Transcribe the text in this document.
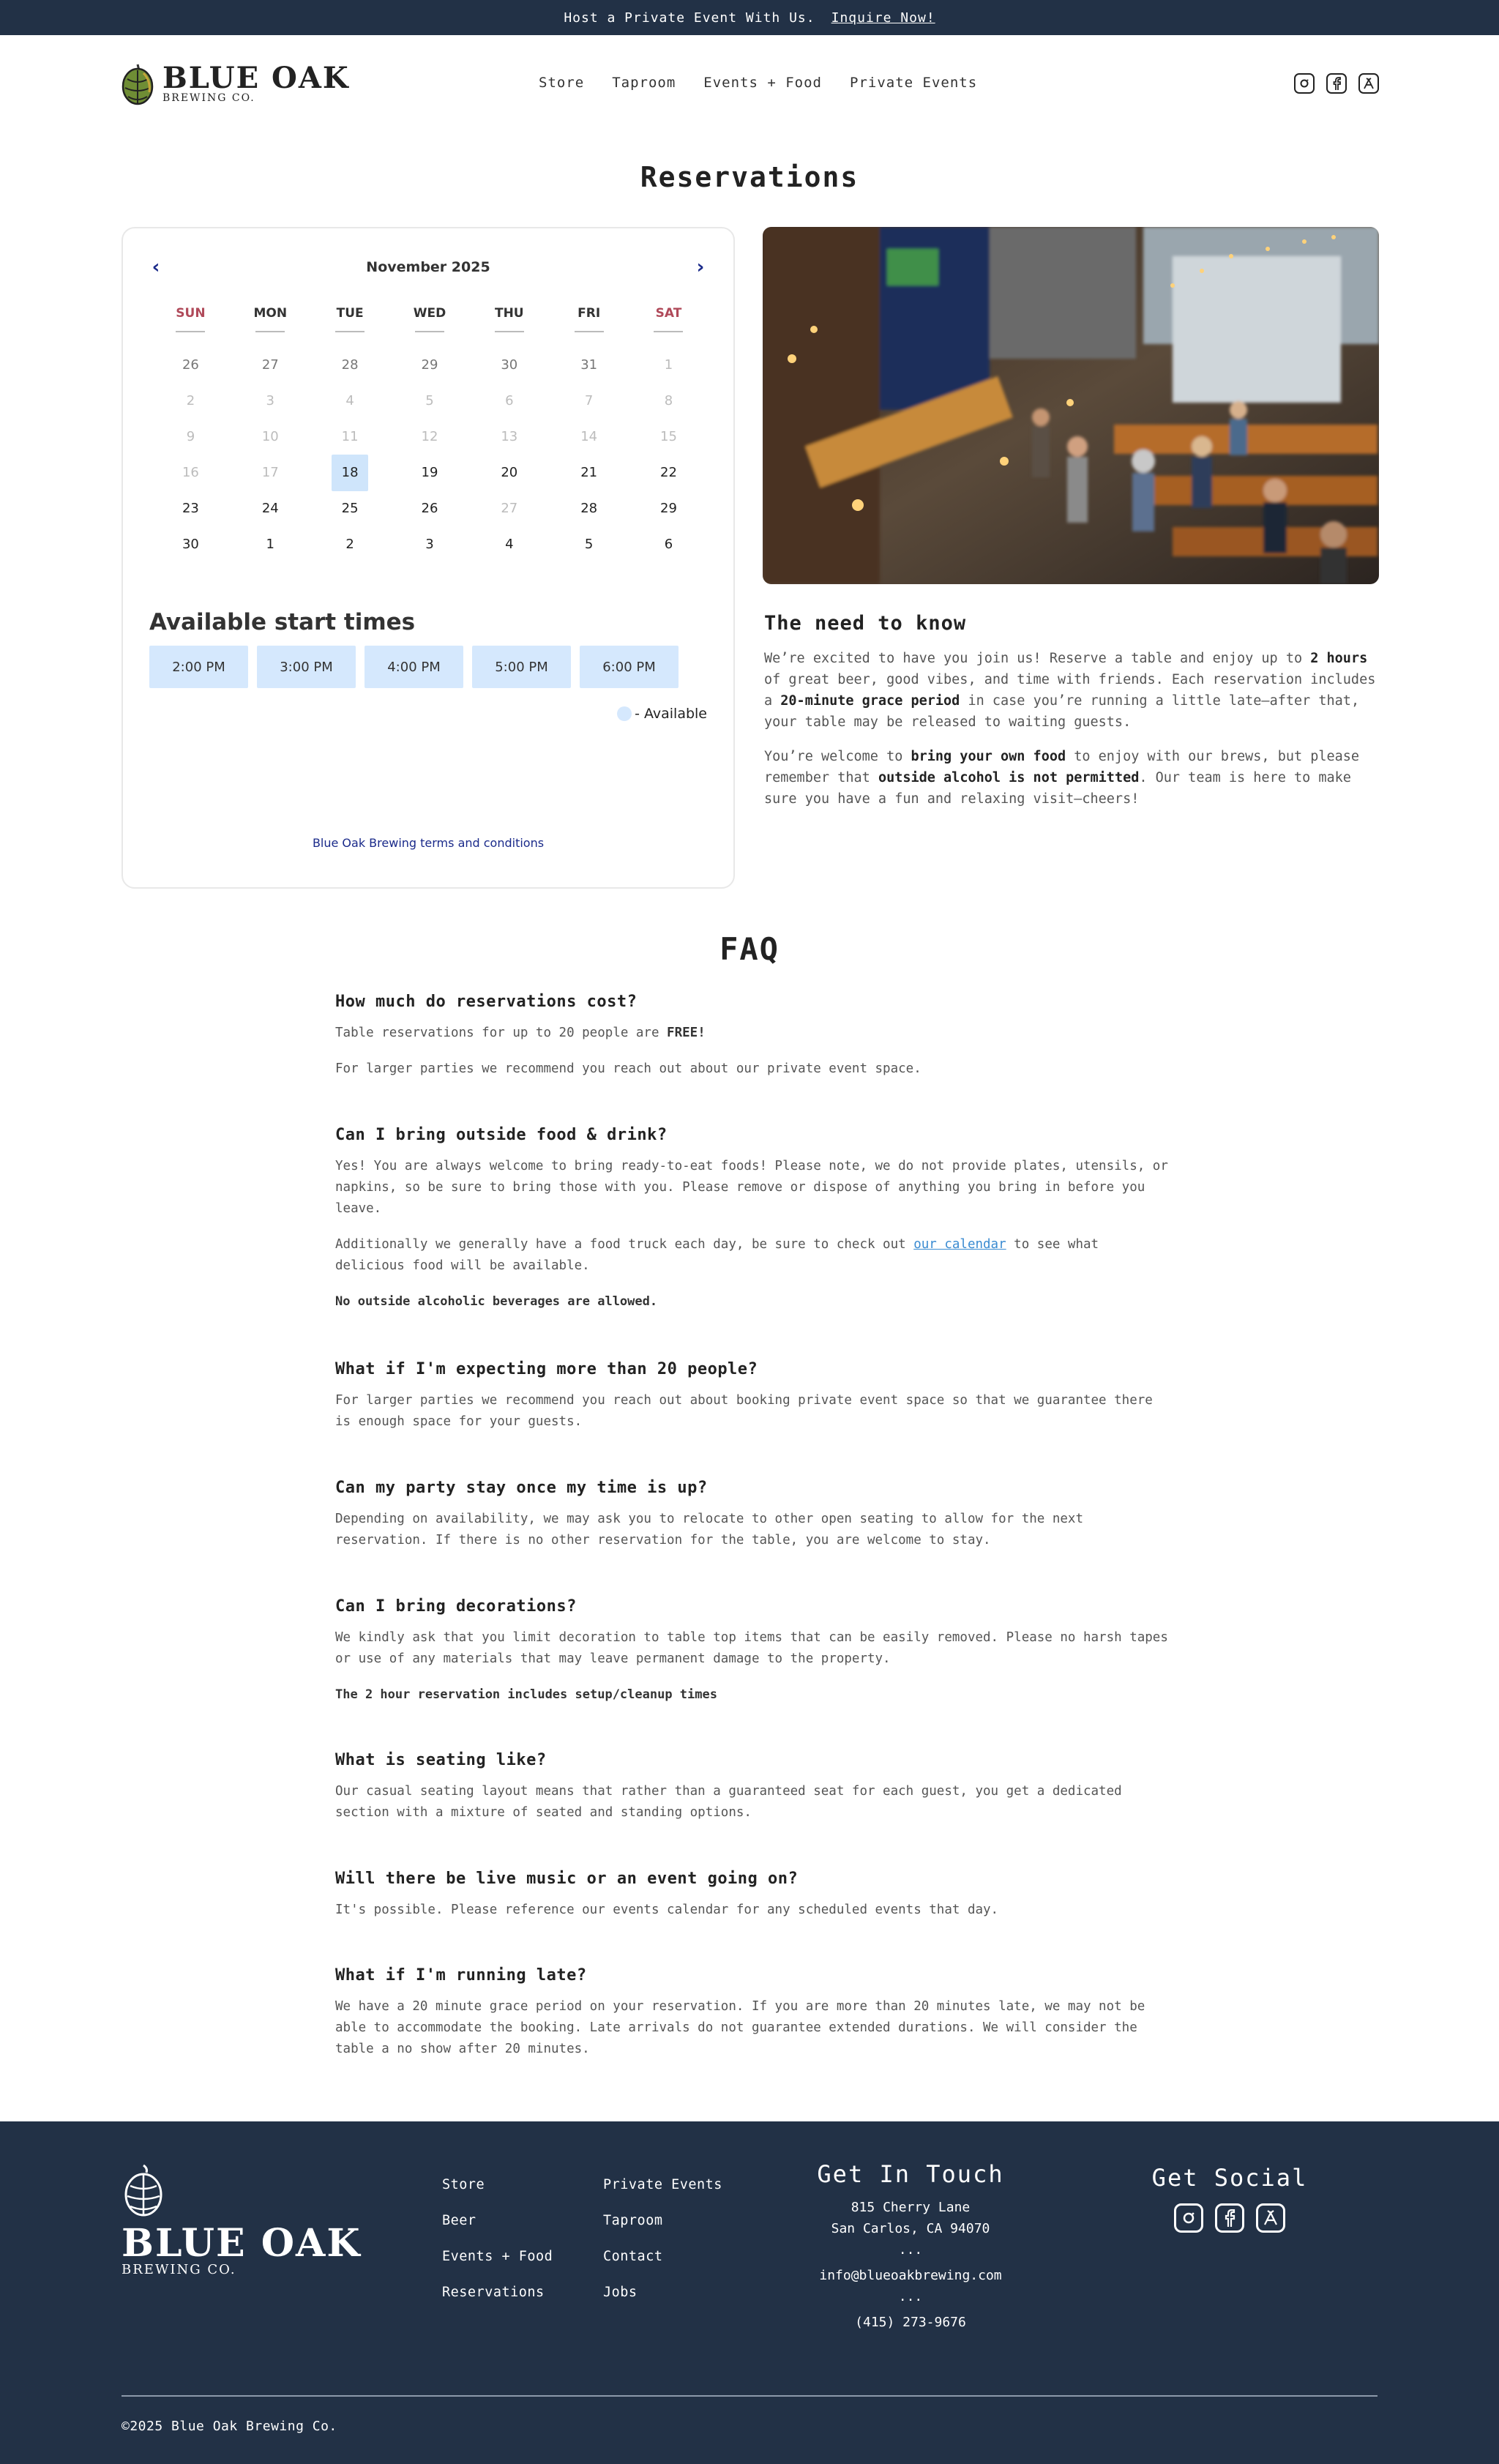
Host a Private Event With Us. Inquire Now!
BLUE OAK
BREWING CO.
Store Taproom Events + Food Private Events
Reservations
‹	November 2025	›
SUN	MON	TUE	WED	THU	FRI	SAT
26	27	28	29	30	31	1
2	3	4	5	6	7	8
9	10	11	12	13	14	15
16	17	18	19	20	21	22
23	24	25	26	27	28	29
30	1	2	3	4	5	6
Available start times
2:00 PM	3:00 PM	4:00 PM	5:00 PM	6:00 PM
- Available
Blue Oak Brewing terms and conditions
The need to know

We’re excited to have you join us! Reserve a table and enjoy up to 2 hours of great beer, good vibes, and time with friends. Each reservation includes a 20-minute grace period in case you’re running a little late—after that, your table may be released to waiting guests.

You’re welcome to bring your own food to enjoy with our brews, but please remember that outside alcohol is not permitted. Our team is here to make sure you have a fun and relaxing visit—cheers!

FAQ
How much do reservations cost?

Table reservations for up to 20 people are FREE!

For larger parties we recommend you reach out about our private event space.

Can I bring outside food & drink?

Yes! You are always welcome to bring ready-to-eat foods! Please note, we do not provide plates, utensils, or napkins, so be sure to bring those with you. Please remove or dispose of anything you bring in before you leave.

Additionally we generally have a food truck each day, be sure to check out our calendar to see what delicious food will be available.

No outside alcoholic beverages are allowed.

What if I'm expecting more than 20 people?

For larger parties we recommend you reach out about booking private event space so that we guarantee there is enough space for your guests.

Can my party stay once my time is up?

Depending on availability, we may ask you to relocate to other open seating to allow for the next reservation. If there is no other reservation for the table, you are welcome to stay.

Can I bring decorations?

We kindly ask that you limit decoration to table top items that can be easily removed. Please no harsh tapes or use of any materials that may leave permanent damage to the property.

The 2 hour reservation includes setup/cleanup times

What is seating like?

Our casual seating layout means that rather than a guaranteed seat for each guest, you get a dedicated section with a mixture of seated and standing options.

Will there be live music or an event going on?

It's possible. Please reference our events calendar for any scheduled events that day.

What if I'm running late?

We have a 20 minute grace period on your reservation. If you are more than 20 minutes late, we may not be able to accommodate the booking. Late arrivals do not guarantee extended durations. We will consider the table a no show after 20 minutes.

BLUE OAK
BREWING CO.
Store
Beer
Events + Food
Reservations
Private Events
Taproom
Contact
Jobs
Get In Touch
815 Cherry Lane
San Carlos, CA 94070
...
info@blueoakbrewing.com
...
(415) 273-9676
Get Social
©2025 Blue Oak Brewing Co.
